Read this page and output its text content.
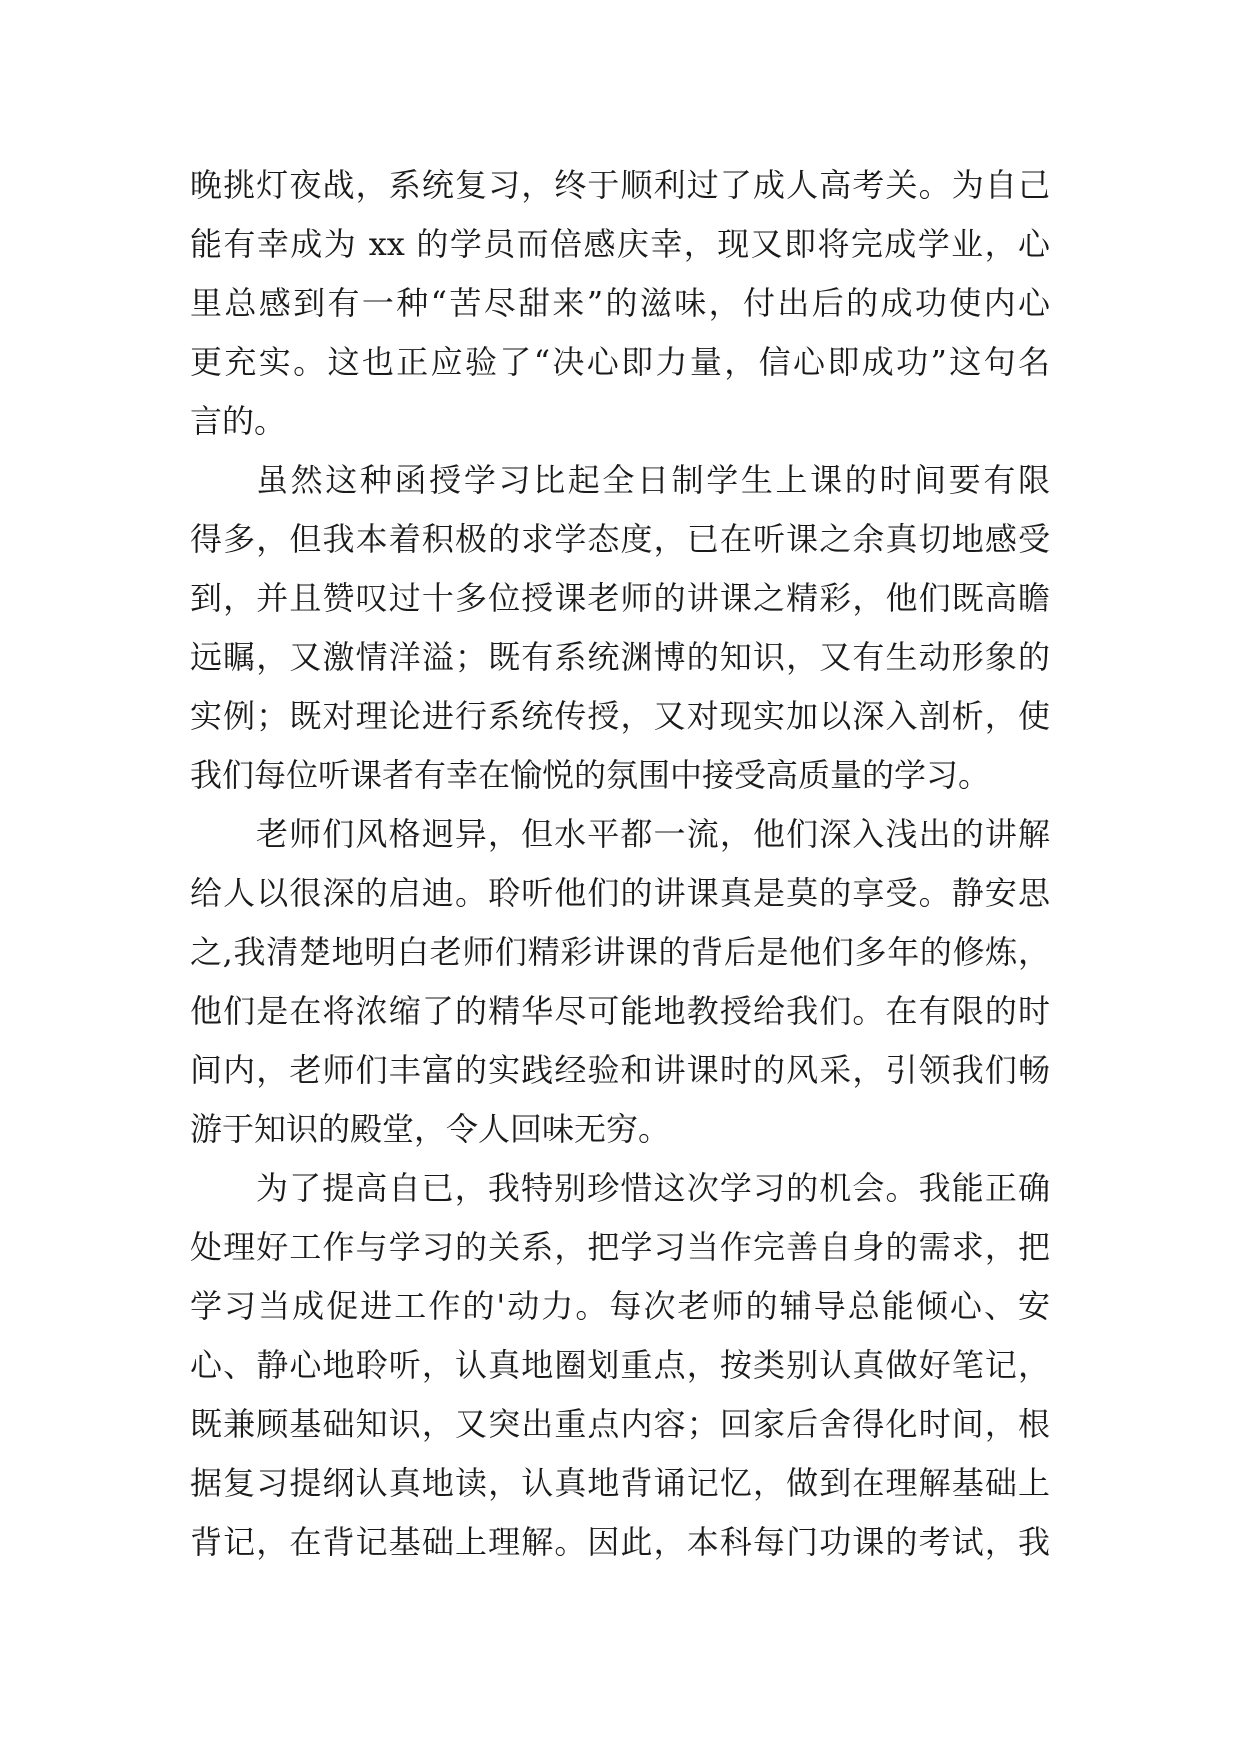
晚挑灯夜战，系统复习，终于顺利过了成人高考关。为自己
能有幸成为 xx 的学员而倍感庆幸，现又即将完成学业，心
里总感到有一种“苦尽甜来”的滋味，付出后的成功使内心
更充实。这也正应验了“决心即力量，信心即成功”这句名
言的。
虽然这种函授学习比起全日制学生上课的时间要有限
得多，但我本着积极的求学态度，已在听课之余真切地感受
到，并且赞叹过十多位授课老师的讲课之精彩，他们既高瞻
远瞩，又激情洋溢；既有系统渊博的知识，又有生动形象的
实例；既对理论进行系统传授，又对现实加以深入剖析，使
我们每位听课者有幸在愉悦的氛围中接受高质量的学习。
老师们风格迥异，但水平都一流，他们深入浅出的讲解
给人以很深的启迪。聆听他们的讲课真是莫的享受。静安思
之,我清楚地明白老师们精彩讲课的背后是他们多年的修炼，
他们是在将浓缩了的精华尽可能地教授给我们。在有限的时
间内，老师们丰富的实践经验和讲课时的风采，引领我们畅
游于知识的殿堂，令人回味无穷。
为了提高自已，我特别珍惜这次学习的机会。我能正确
处理好工作与学习的关系，把学习当作完善自身的需求，把
学习当成促进工作的'动力。每次老师的辅导总能倾心、安
心、静心地聆听，认真地圈划重点，按类别认真做好笔记，
既兼顾基础知识，又突出重点内容；回家后舍得化时间，根
据复习提纲认真地读，认真地背诵记忆，做到在理解基础上
背记，在背记基础上理解。因此，本科每门功课的考试，我
